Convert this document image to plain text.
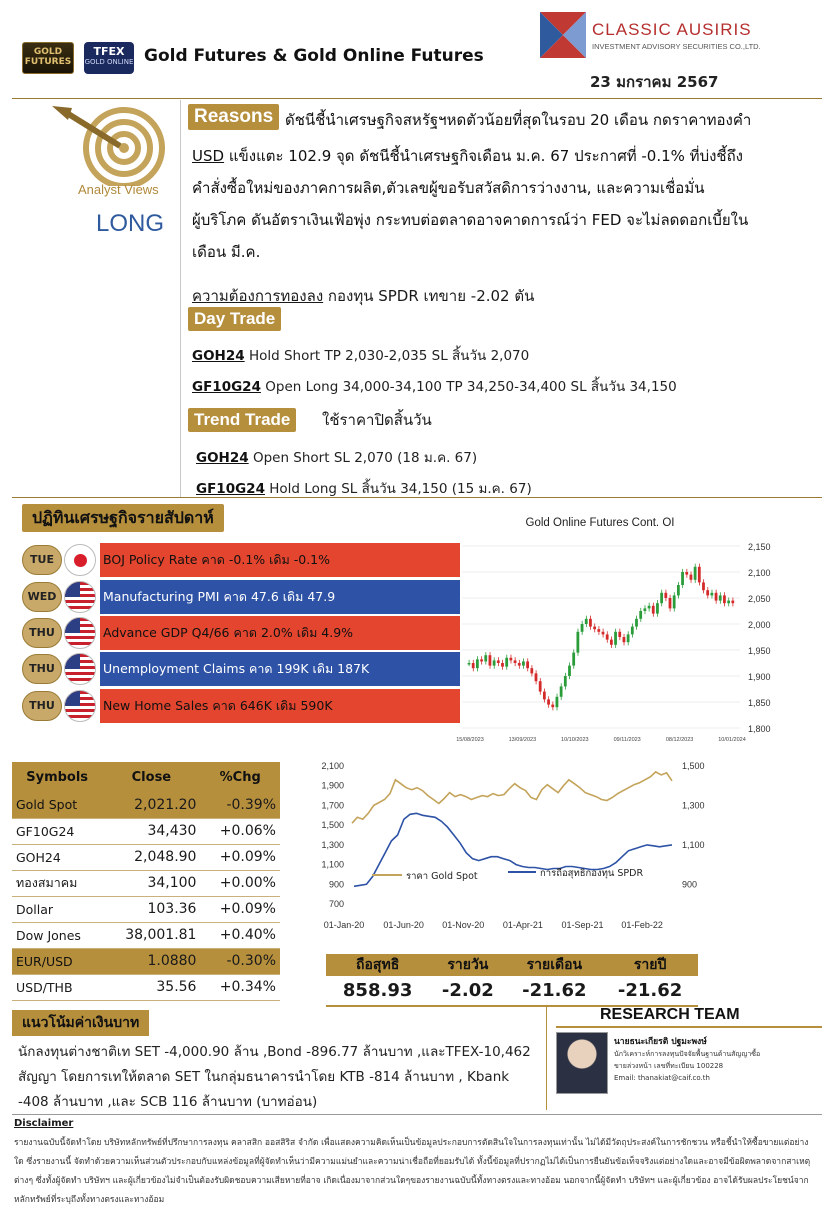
GOLD FUTURES
TFEX
GOLD ONLINE Gold Futures & Gold Online Futures
CLASSIC AUSIRIS
INVESTMENT ADVISORY SECURITIES CO.,LTD.
23 มกราคม 2567
Analyst Views
LONG
Reasons ดัชนีชี้นำเศรษฐกิจสหรัฐฯหดตัวน้อยที่สุดในรอบ 20 เดือน กดราคาทองคำ
USD แข็งแตะ 102.9 จุด ดัชนีชี้นำเศรษฐกิจเดือน ม.ค. 67 ประกาศที่ -0.1% ที่บ่งชี้ถึง
คำสั่งซื้อใหม่ของภาคการผลิต,ตัวเลขผู้ขอรับสวัสดิการว่างงาน, และความเชื่อมั่น
ผู้บริโภค ดันอัตราเงินเฟ้อพุ่ง กระทบต่อตลาดอาจคาดการณ์ว่า FED จะไม่ลดดอกเบี้ยใน
เดือน มี.ค.
ความต้องการทองลง กองทุน SPDR เทขาย -2.02 ตัน
Day Trade
GOH24 Hold Short TP 2,030-2,035 SL สิ้นวัน 2,070
GF10G24 Open Long 34,000-34,100 TP 34,250-34,400 SL สิ้นวัน 34,150
Trend Trade	ใช้ราคาปิดสิ้นวัน
GOH24 Open Short SL 2,070 (18 ม.ค. 67)
GF10G24 Hold Long SL สิ้นวัน 34,150 (15 ม.ค. 67)
ปฏิทินเศรษฐกิจรายสัปดาห์
TUE	BOJ Policy Rate คาด -0.1% เดิม -0.1%
WED	Manufacturing PMI คาด 47.6 เดิม 47.9
THU	Advance GDP Q4/66 คาด 2.0% เดิม 4.9%
THU	Unemployment Claims คาด 199K เดิม 187K
THU	New Home Sales คาด 646K เดิม 590K
Gold Online Futures Cont. OI
2,150
2,100
2,050
2,000
1,950
1,900
1,850
1,800
15/08/2023	13/09/2023	10/10/2023	09/11/2023	08/12/2023	10/01/2024
Symbols	Close	%Chg
Gold Spot	2,021.20	-0.39%
GF10G24	34,430	+0.06%
GOH24	2,048.90	+0.09%
ทองสมาคม	34,100	+0.00%
Dollar	103.36	+0.09%
Dow Jones	38,001.81	+0.40%
EUR/USD	1.0880	-0.30%
USD/THB	35.56	+0.34%
2,100
1,900
1,700
1,500
1,300
1,100
900
700
1,500
1,300
1,100
900
01-Jan-20 01-Jun-20 01-Nov-20 01-Apr-21 01-Sep-21 01-Feb-22
ราคา Gold Spot	การถือสุทธิกองทุน SPDR
ถือสุทธิ	รายวัน	รายเดือน	รายปี
858.93	-2.02	-21.62	-21.62
แนวโน้มค่าเงินบาท
นักลงทุนต่างชาติเท SET -4,000.90 ล้าน ,Bond -896.77 ล้านบาท ,และTFEX-10,462 สัญญา โดยการเทให้ตลาด SET ในกลุ่มธนาคารนำโดย KTB -814 ล้านบาท , Kbank -408 ล้านบาท ,และ SCB 116 ล้านบาท (บาทอ่อน)
RESEARCH TEAM
นายธนะเกียรติ ปฐมะพงษ์
นักวิเคราะห์การลงทุนปัจจัยพื้นฐานด้านสัญญาซื้อ
ขายล่วงหน้า เลขที่ทะเบียน 100228
Email: thanakiat@caif.co.th
Disclaimer
รายงานฉบับนี้จัดทำโดย บริษัทหลักทรัพย์ที่ปรึกษาการลงทุน คลาสสิก ออสสิริส จำกัด เพื่อแสดงความคิดเห็นเป็นข้อมูลประกอบการตัดสินใจในการลงทุนเท่านั้น ไม่ได้มีวัตถุประสงค์ในการชักชวน หรือชี้นำให้ซื้อขายแต่อย่างใด ซึ่งรายงานนี้ จัดทำด้วยความเห็นส่วนตัวประกอบกับแหล่งข้อมูลที่ผู้จัดทำเห็นว่ามีความแม่นยำและความน่าเชื่อถือที่ยอมรับได้ ทั้งนี้ข้อมูลที่ปรากฏไม่ได้เป็นการยืนยันข้อเท็จจริงแต่อย่างใดและอาจมีข้อผิดพลาดจากสาเหตุต่างๆ ซึ่งทั้งผู้จัดทำ บริษัทฯ และผู้เกี่ยวข้องไม่จำเป็นต้องรับผิดชอบความเสียหายที่อาจ เกิดเนื่องมาจากส่วนใดๆของรายงานฉบับนี้ทั้งทางตรงและทางอ้อม นอกจากนี้ผู้จัดทำ บริษัทฯ และผู้เกี่ยวข้อง อาจได้รับผลประโยชน์จากหลักทรัพย์ที่ระบุถึงทั้งทางตรงและทางอ้อม
